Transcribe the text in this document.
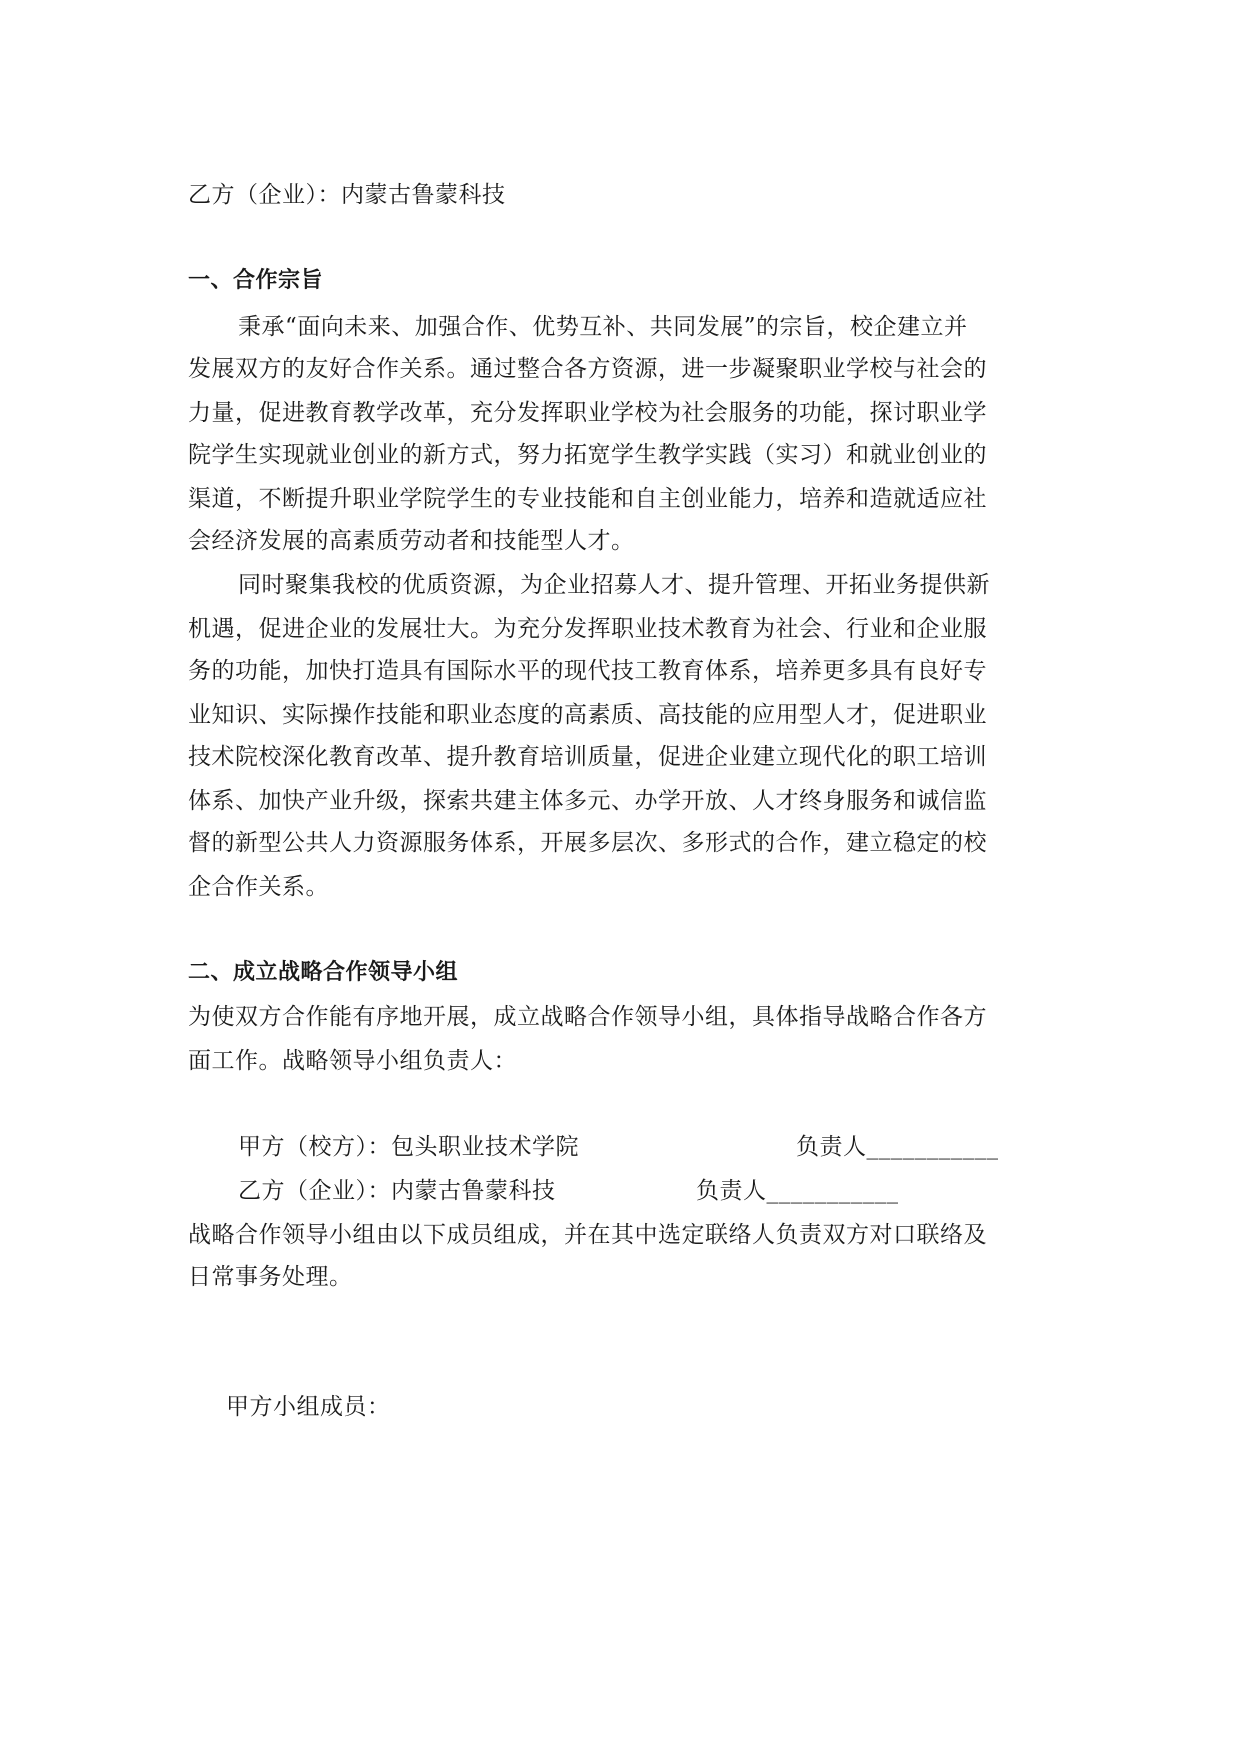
乙方（企业）：内蒙古鲁蒙科技
一、合作宗旨
秉承“面向未来、加强合作、优势互补、共同发展”的宗旨，校企建立并
发展双方的友好合作关系。通过整合各方资源，进一步凝聚职业学校与社会的
力量，促进教育教学改革，充分发挥职业学校为社会服务的功能，探讨职业学
院学生实现就业创业的新方式，努力拓宽学生教学实践（实习）和就业创业的
渠道，不断提升职业学院学生的专业技能和自主创业能力，培养和造就适应社
会经济发展的高素质劳动者和技能型人才。
同时聚集我校的优质资源，为企业招募人才、提升管理、开拓业务提供新
机遇，促进企业的发展壮大。为充分发挥职业技术教育为社会、行业和企业服
务的功能，加快打造具有国际水平的现代技工教育体系，培养更多具有良好专
业知识、实际操作技能和职业态度的高素质、高技能的应用型人才，促进职业
技术院校深化教育改革、提升教育培训质量，促进企业建立现代化的职工培训
体系、加快产业升级，探索共建主体多元、办学开放、人才终身服务和诚信监
督的新型公共人力资源服务体系，开展多层次、多形式的合作，建立稳定的校
企合作关系。
二、成立战略合作领导小组
为使双方合作能有序地开展，成立战略合作领导小组，具体指导战略合作各方
面工作。战略领导小组负责人：
甲方（校方）：包头职业技术学院	负责人___________
乙方（企业）：内蒙古鲁蒙科技	负责人___________
战略合作领导小组由以下成员组成，并在其中选定联络人负责双方对口联络及
日常事务处理。
甲方小组成员：
